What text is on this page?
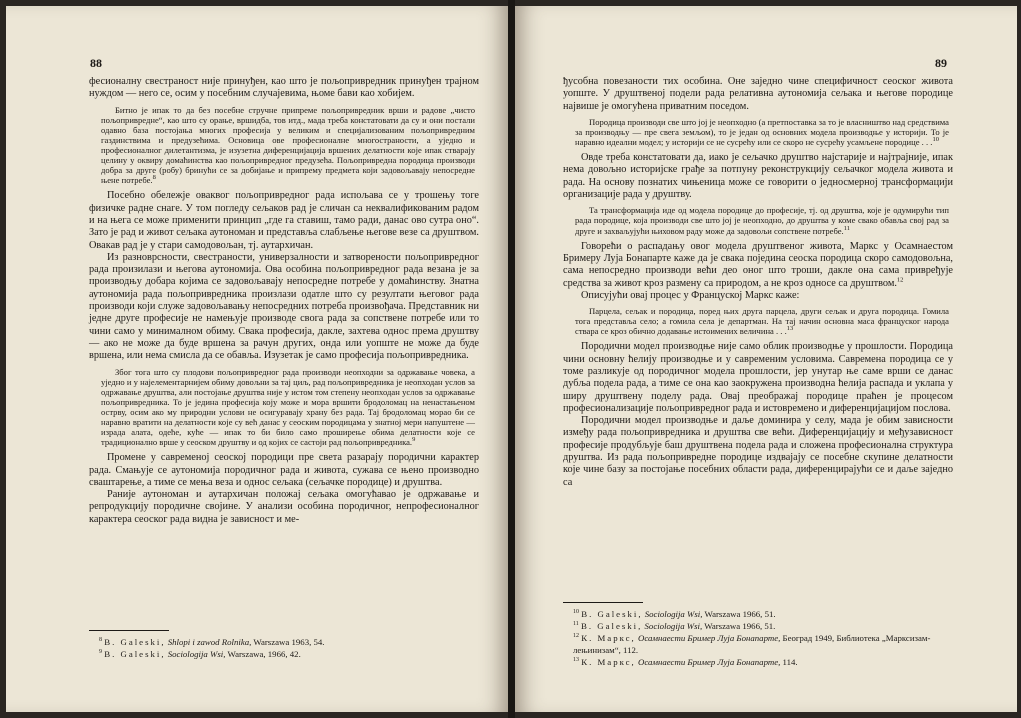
88

фесионалну свестраност није принуђен, као што је пољопривредник принуђен трајном нуждом — него се, осим у посебним случајевима, њоме бави као хобијем.

Битно је ипак то да без посебне стручне припреме пољопривредник врши и радове „чисто пољопривредне“, као што су орање, вршидба, тов итд., мада треба констатовати да су и они постали одавно база постојања многих професија у великим и специјализованим пољопривредним газдинствима и предузећима. Основица ове професионалне многостраности, а уједно и професионалног дилетантизма, је изузетна диференцијација вршених делатности које ипак стварају целину у оквиру домаћинства као пољопривредног предузећа. Пољопривредна породица производи добра за друге (робу) бринући се за добијање и припрему предмета који задовољавају непосредне њене потребе.$^8$

Посебно обележје оваквог пољопривредног рада испољава се у трошењу тоге физичке радне снаге. У том погледу сељаков рад је сличан са неквалификованим радом и на њега се може применити принцип „где га ставиш, тамо ради, данас ово сутра оно“. Зато је рад и живот сељака аутономан и представља слабљење његове везе са друштвом. Овакав рад је у стари самодовољан, тј. аутархичан.

Из разноврсности, свестраности, универзалности и затворености пољопривредног рада произилази и његова аутономија. Ова особина пољопривредног рада везана је за производњу добара којима се задовољавају непосредне потребе у домаћинству. Знатна аутономија рада пољопривредника произлази одатле што су резултати његовог рада производи који служе задовољавању непосредних потреба произвођача. Представник ни једне друге професије не намењује производе свога рада за сопствене потребе или то чини само у минималном обиму. Свака професија, дакле, захтева однос према друштву — ако не може да буде вршена за рачун других, онда или уопште не може да буде вршена, или нема смисла да се обавља. Изузетак је само професија пољопривредника.

Због тога што су плодови пољопривредног рада производи неопходни за одржавање човека, а уједно и у најелементарнијем обиму довољни за тај циљ, рад пољопривредника је неопходан услов за одржавање друштва, али постојање друштва није у истом том степену неопходан услов за одржавање пољопривредника. То је једина професија коју може и мора вршити бродоломац на ненастањеном острву, осим ако му природни услови не осигуравају храну без рада. Тај бродоломац морао би се наравно вратити на делатности које су већ данас у сеоским породицама у знатној мери напуштене — израда алата, одеће, куће — ипак то би било само проширење обима делатности које се традиционално врше у сеоском друштву и од којих се састоји рад пољопривредника.$^9$

Промене у савременој сеоској породици пре света разарају породични карактер рада. Смањује се аутономија породичног рада и живота, сужава се њено производно сваштарење, а тиме се мења веза и однос сељака (сељачке породице) и друштва.

Раније аутономан и аутархичан положај сељака омогућавао је одржавање и репродукцију породичне својине. У анализи особина породичног, непрофесионалног карактера сеоског рада видна је зависност и ме-

$^8$ B. Galeski, Shlopi i zawod Rolnika, Warszawa 1963, 54.
$^9$ B. Galeski, Sociologija Wsi, Warszawa, 1966, 42.
89

ђусобна повезаности тих особина. Оне заједно чине специфичност сеоског живота уопште. У друштвеној подели рада релативна аутономија сељака и његове породице највише је омогућена приватним поседом.

Породица производи све што јој је неопходно (а претпоставка за то је власништво над средствима за производњу — пре свега земљом), то је један од основних модела производње у историји. То је наравно идеални модел; у историји се не сусрећу или се скоро не сусрећу усамљене породице . . .$^{10}$

Овде треба констатовати да, иако је сељачко друштво најстарије и најтрајније, ипак нема довољно историјске грађе за потпуну реконструкцију сељачког модела живота и рада. На основу познатих чињеница може се говорити о једносмерној трансформацији организације рада у друштву.

Та трансформација иде од модела породице до професије, тј. од друштва, које је одумирући тип рада породице, која производи све што јој је неопходно, до друштва у коме свако обавља свој рад за друге и захваљујући њиховом раду може да задовољи сопствене потребе.$^{11}$

Говорећи о распадању овог модела друштвеног живота, Маркс у Осамнаестом Бримеру Луја Бонапарте каже да је свака поједина сеоска породица скоро самодовољна, сама непосредно производи већи део оног што троши, дакле она сама привређује средства за живот кроз размену са природом, а не кроз односе са друштвом.$^{12}$

Описујући овај процес у Француској Маркс каже:

Парцела, сељак и породица, поред њих друга парцела, други сељак и друга породица. Гомила тога представља село; а гомила села је департман. На тај начин основна маса француског народа ствара се кроз обично додавање истоимених величина . . .$^{13}$

Породични модел производње није само облик производње у прошлости. Породица чини основну ћелију производње и у савременим условима. Савремена породица се у томе разликује од породичног модела прошлости, јер унутар ње саме врши се данас дубља подела рада, а тиме се она као заокружена производна ћелија распада и уклапа у ширу друштвену поделу рада. Овај преображај породице праћен је процесом професионализације пољопривредног рада и истовремено и диференцијацијом послова.

Породични модел производње и даље доминира у селу, мада је обим зависности између рада пољопривредника и друштва све већи. Диференцијацију и међузависност професије продубљује баш друштвена подела рада и сложена професионална структура друштва. Из рада пољопривредне породице издвајају се посебне скупине делатности које чине базу за постојање посебних области рада, диференцирајући се и даље заједно са

$^{10}$ B. Galeski, Sociologija Wsi, Warszawa 1966, 51.
$^{11}$ B. Galeski, Sociologija Wsi, Warszawa 1966, 51.
$^{12}$ К. Маркс, Осамнаести Бример Луја Бонапарте, Београд 1949, Библиотека „Марксизам-лењинизам“, 112.
$^{13}$ К. Маркс, Осамнаести Бример Луја Бонапарте, 114.
